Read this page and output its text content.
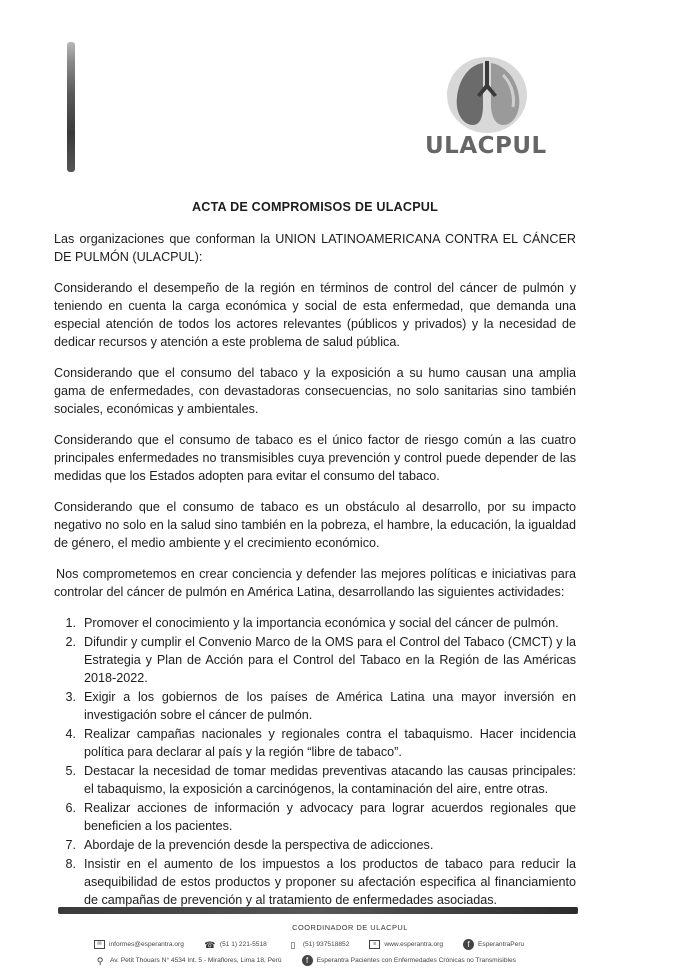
ULACPUL
ACTA DE COMPROMISOS DE ULACPUL

Las organizaciones que conforman la UNION LATINOAMERICANA CONTRA EL CÁNCER DE PULMÓN (ULACPUL):

Considerando el desempeño de la región en términos de control del cáncer de pulmón y teniendo en cuenta la carga económica y social de esta enfermedad, que demanda una especial atención de todos los actores relevantes (públicos y privados) y la necesidad de dedicar recursos y atención a este problema de salud pública.

Considerando que el consumo del tabaco y la exposición a su humo causan una amplia gama de enfermedades, con devastadoras consecuencias, no solo sanitarias sino también sociales, económicas y ambientales.

Considerando que el consumo de tabaco es el único factor de riesgo común a las cuatro principales enfermedades no transmisibles cuya prevención y control puede depender de las medidas que los Estados adopten para evitar el consumo del tabaco.

Considerando que el consumo de tabaco es un obstáculo al desarrollo, por su impacto negativo no solo en la salud sino también en la pobreza, el hambre, la educación, la igualdad de género, el medio ambiente y el crecimiento económico.

Nos comprometemos en crear conciencia y defender las mejores políticas e iniciativas para controlar del cáncer de pulmón en América Latina, desarrollando las siguientes actividades:

1. Promover el conocimiento y la importancia económica y social del cáncer de pulmón.
2. Difundir y cumplir el Convenio Marco de la OMS para el Control del Tabaco (CMCT) y la Estrategia y Plan de Acción para el Control del Tabaco en la Región de las Américas 2018-2022.
3. Exigir a los gobiernos de los países de América Latina una mayor inversión en investigación sobre el cáncer de pulmón.
4. Realizar campañas nacionales y regionales contra el tabaquismo. Hacer incidencia política para declarar al país y la región “libre de tabaco”.
5. Destacar la necesidad de tomar medidas preventivas atacando las causas principales: el tabaquismo, la exposición a carcinógenos, la contaminación del aire, entre otras.
6. Realizar acciones de información y advocacy para lograr acuerdos regionales que beneficien a los pacientes.
7. Abordaje de la prevención desde la perspectiva de adicciones.
8. Insistir en el aumento de los impuestos a los productos de tabaco para reducir la asequibilidad de estos productos y proponer su afectación especifica al financiamiento de campañas de prevención y al tratamiento de enfermedades asociadas.
COORDINADOR DE ULACPUL
✉	informes@esperantra.org ☎ (51 1) 221-5518	▯	(51) 937518852	≡	www.esperantra.org	f	EsperantraPeru
⚲	Av. Petit Thouars N° 4534 Int. 5 - Miraflores, Lima 18, Perú	f	Esperantra Pacientes con Enfermedades Crónicas no Transmisibles
